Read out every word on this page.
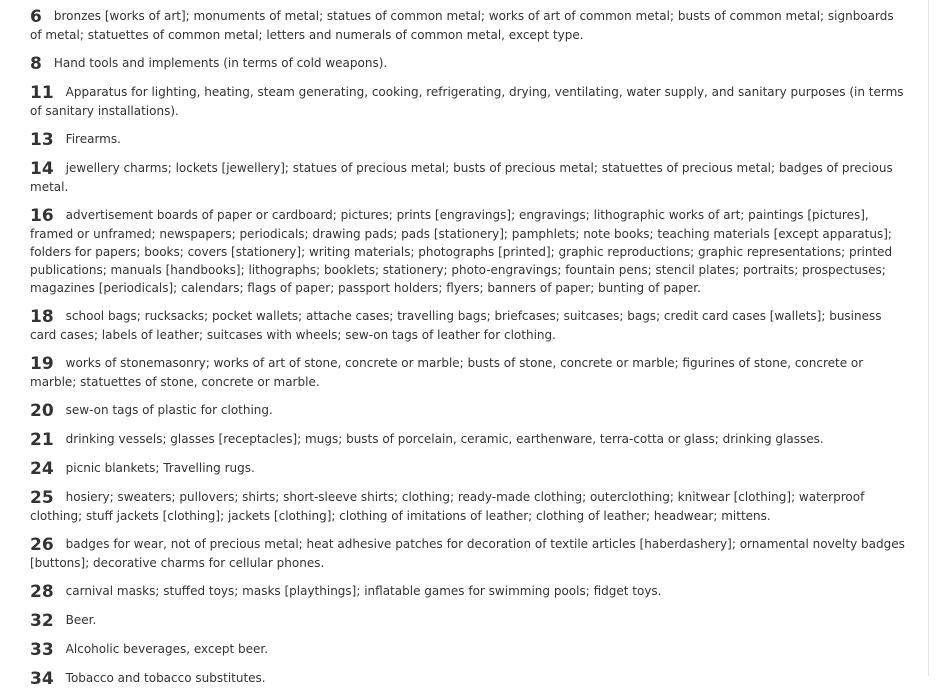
6 bronzes [works of art]; monuments of metal; statues of common metal; works of art of common metal; busts of common metal; signboards of metal; statuettes of common metal; letters and numerals of common metal, except type.
8 Hand tools and implements (in terms of cold weapons).
11 Apparatus for lighting, heating, steam generating, cooking, refrigerating, drying, ventilating, water supply, and sanitary purposes (in terms of sanitary installations).
13 Firearms.
14 jewellery charms; lockets [jewellery]; statues of precious metal; busts of precious metal; statuettes of precious metal; badges of precious metal.
16 advertisement boards of paper or cardboard; pictures; prints [engravings]; engravings; lithographic works of art; paintings [pictures], framed or unframed; newspapers; periodicals; drawing pads; pads [stationery]; pamphlets; note books; teaching materials [except apparatus]; folders for papers; books; covers [stationery]; writing materials; photographs [printed]; graphic reproductions; graphic representations; printed publications; manuals [handbooks]; lithographs; booklets; stationery; photo-engravings; fountain pens; stencil plates; portraits; prospectuses; magazines [periodicals]; calendars; flags of paper; passport holders; flyers; banners of paper; bunting of paper.
18 school bags; rucksacks; pocket wallets; attache cases; travelling bags; briefcases; suitcases; bags; credit card cases [wallets]; business card cases; labels of leather; suitcases with wheels; sew-on tags of leather for clothing.
19 works of stonemasonry; works of art of stone, concrete or marble; busts of stone, concrete or marble; figurines of stone, concrete or marble; statuettes of stone, concrete or marble.
20 sew-on tags of plastic for clothing.
21 drinking vessels; glasses [receptacles]; mugs; busts of porcelain, ceramic, earthenware, terra-cotta or glass; drinking glasses.
24 picnic blankets; Travelling rugs.
25 hosiery; sweaters; pullovers; shirts; short-sleeve shirts; clothing; ready-made clothing; outerclothing; knitwear [clothing]; waterproof clothing; stuff jackets [clothing]; jackets [clothing]; clothing of imitations of leather; clothing of leather; headwear; mittens.
26 badges for wear, not of precious metal; heat adhesive patches for decoration of textile articles [haberdashery]; ornamental novelty badges [buttons]; decorative charms for cellular phones.
28 carnival masks; stuffed toys; masks [playthings]; inflatable games for swimming pools; fidget toys.
32 Beer.
33 Alcoholic beverages, except beer.
34 Tobacco and tobacco substitutes.
